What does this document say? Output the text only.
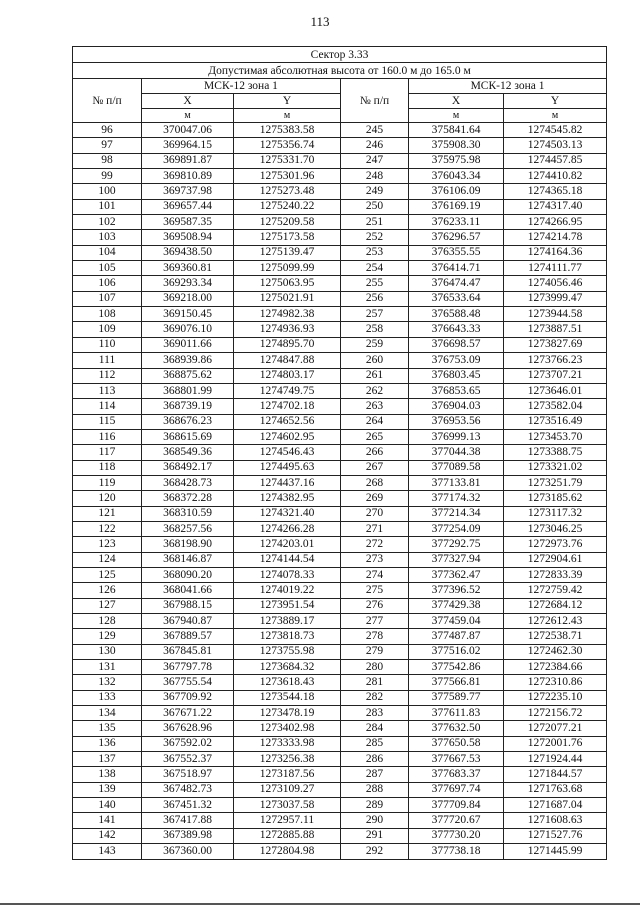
113
Сектор 3.33					
Допустимая абсолютная высота от 160.0 м до 165.0 м					
№ п/п	МСК-12 зона 1		№ п/п	МСК-12 зона 1	
	X	Y		X	Y
	м	м		м	м
96	370047.06	1275383.58	245	375841.64	1274545.82
97	369964.15	1275356.74	246	375908.30	1274503.13
98	369891.87	1275331.70	247	375975.98	1274457.85
99	369810.89	1275301.96	248	376043.34	1274410.82
100	369737.98	1275273.48	249	376106.09	1274365.18
101	369657.44	1275240.22	250	376169.19	1274317.40
102	369587.35	1275209.58	251	376233.11	1274266.95
103	369508.94	1275173.58	252	376296.57	1274214.78
104	369438.50	1275139.47	253	376355.55	1274164.36
105	369360.81	1275099.99	254	376414.71	1274111.77
106	369293.34	1275063.95	255	376474.47	1274056.46
107	369218.00	1275021.91	256	376533.64	1273999.47
108	369150.45	1274982.38	257	376588.48	1273944.58
109	369076.10	1274936.93	258	376643.33	1273887.51
110	369011.66	1274895.70	259	376698.57	1273827.69
111	368939.86	1274847.88	260	376753.09	1273766.23
112	368875.62	1274803.17	261	376803.45	1273707.21
113	368801.99	1274749.75	262	376853.65	1273646.01
114	368739.19	1274702.18	263	376904.03	1273582.04
115	368676.23	1274652.56	264	376953.56	1273516.49
116	368615.69	1274602.95	265	376999.13	1273453.70
117	368549.36	1274546.43	266	377044.38	1273388.75
118	368492.17	1274495.63	267	377089.58	1273321.02
119	368428.73	1274437.16	268	377133.81	1273251.79
120	368372.28	1274382.95	269	377174.32	1273185.62
121	368310.59	1274321.40	270	377214.34	1273117.32
122	368257.56	1274266.28	271	377254.09	1273046.25
123	368198.90	1274203.01	272	377292.75	1272973.76
124	368146.87	1274144.54	273	377327.94	1272904.61
125	368090.20	1274078.33	274	377362.47	1272833.39
126	368041.66	1274019.22	275	377396.52	1272759.42
127	367988.15	1273951.54	276	377429.38	1272684.12
128	367940.87	1273889.17	277	377459.04	1272612.43
129	367889.57	1273818.73	278	377487.87	1272538.71
130	367845.81	1273755.98	279	377516.02	1272462.30
131	367797.78	1273684.32	280	377542.86	1272384.66
132	367755.54	1273618.43	281	377566.81	1272310.86
133	367709.92	1273544.18	282	377589.77	1272235.10
134	367671.22	1273478.19	283	377611.83	1272156.72
135	367628.96	1273402.98	284	377632.50	1272077.21
136	367592.02	1273333.98	285	377650.58	1272001.76
137	367552.37	1273256.38	286	377667.53	1271924.44
138	367518.97	1273187.56	287	377683.37	1271844.57
139	367482.73	1273109.27	288	377697.74	1271763.68
140	367451.32	1273037.58	289	377709.84	1271687.04
141	367417.88	1272957.11	290	377720.67	1271608.63
142	367389.98	1272885.88	291	377730.20	1271527.76
143	367360.00	1272804.98	292	377738.18	1271445.99
